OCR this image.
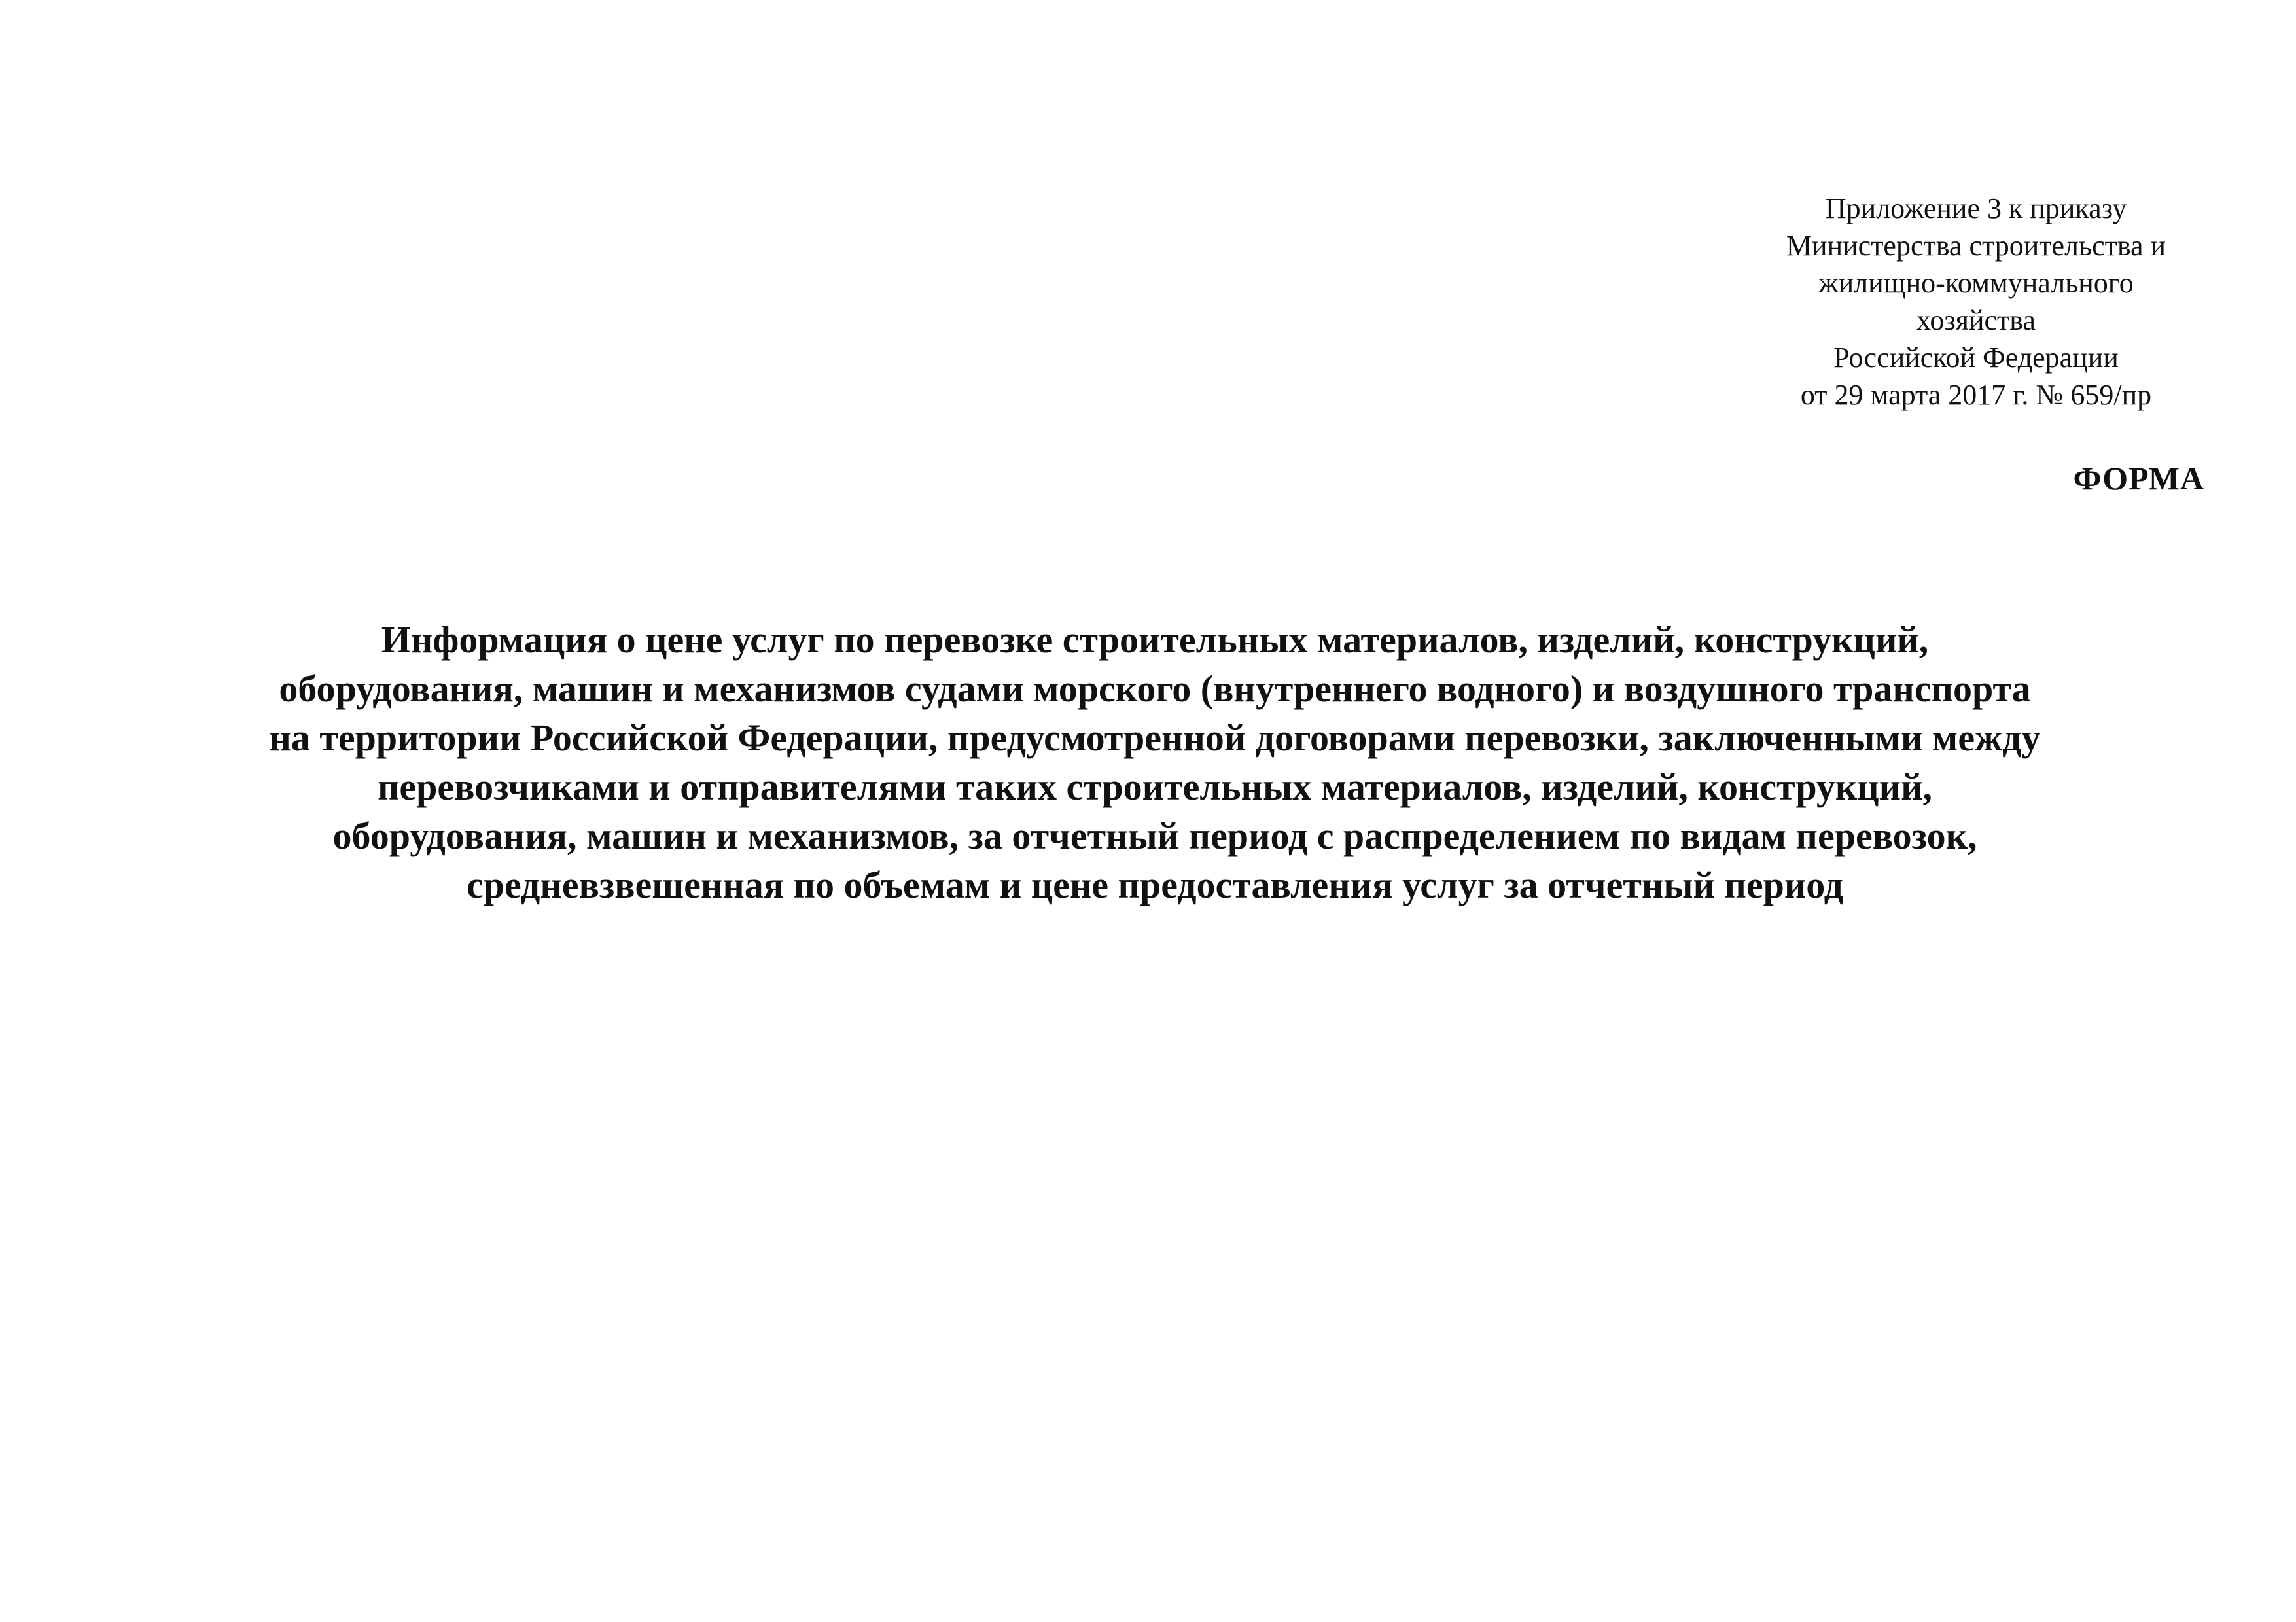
Приложение 3 к приказу
Министерства строительства и
жилищно-коммунального
хозяйства
Российской Федерации
от 29 марта 2017 г. № 659/пр
ФОРМА
Информация о цене услуг по перевозке строительных материалов, изделий, конструкций,
оборудования, машин и механизмов судами морского (внутреннего водного) и воздушного транспорта
на территории Российской Федерации, предусмотренной договорами перевозки, заключенными между
перевозчиками и отправителями таких строительных материалов, изделий, конструкций,
оборудования, машин и механизмов, за отчетный период с распределением по видам перевозок,
средневзвешенная по объемам и цене предоставления услуг за отчетный период
